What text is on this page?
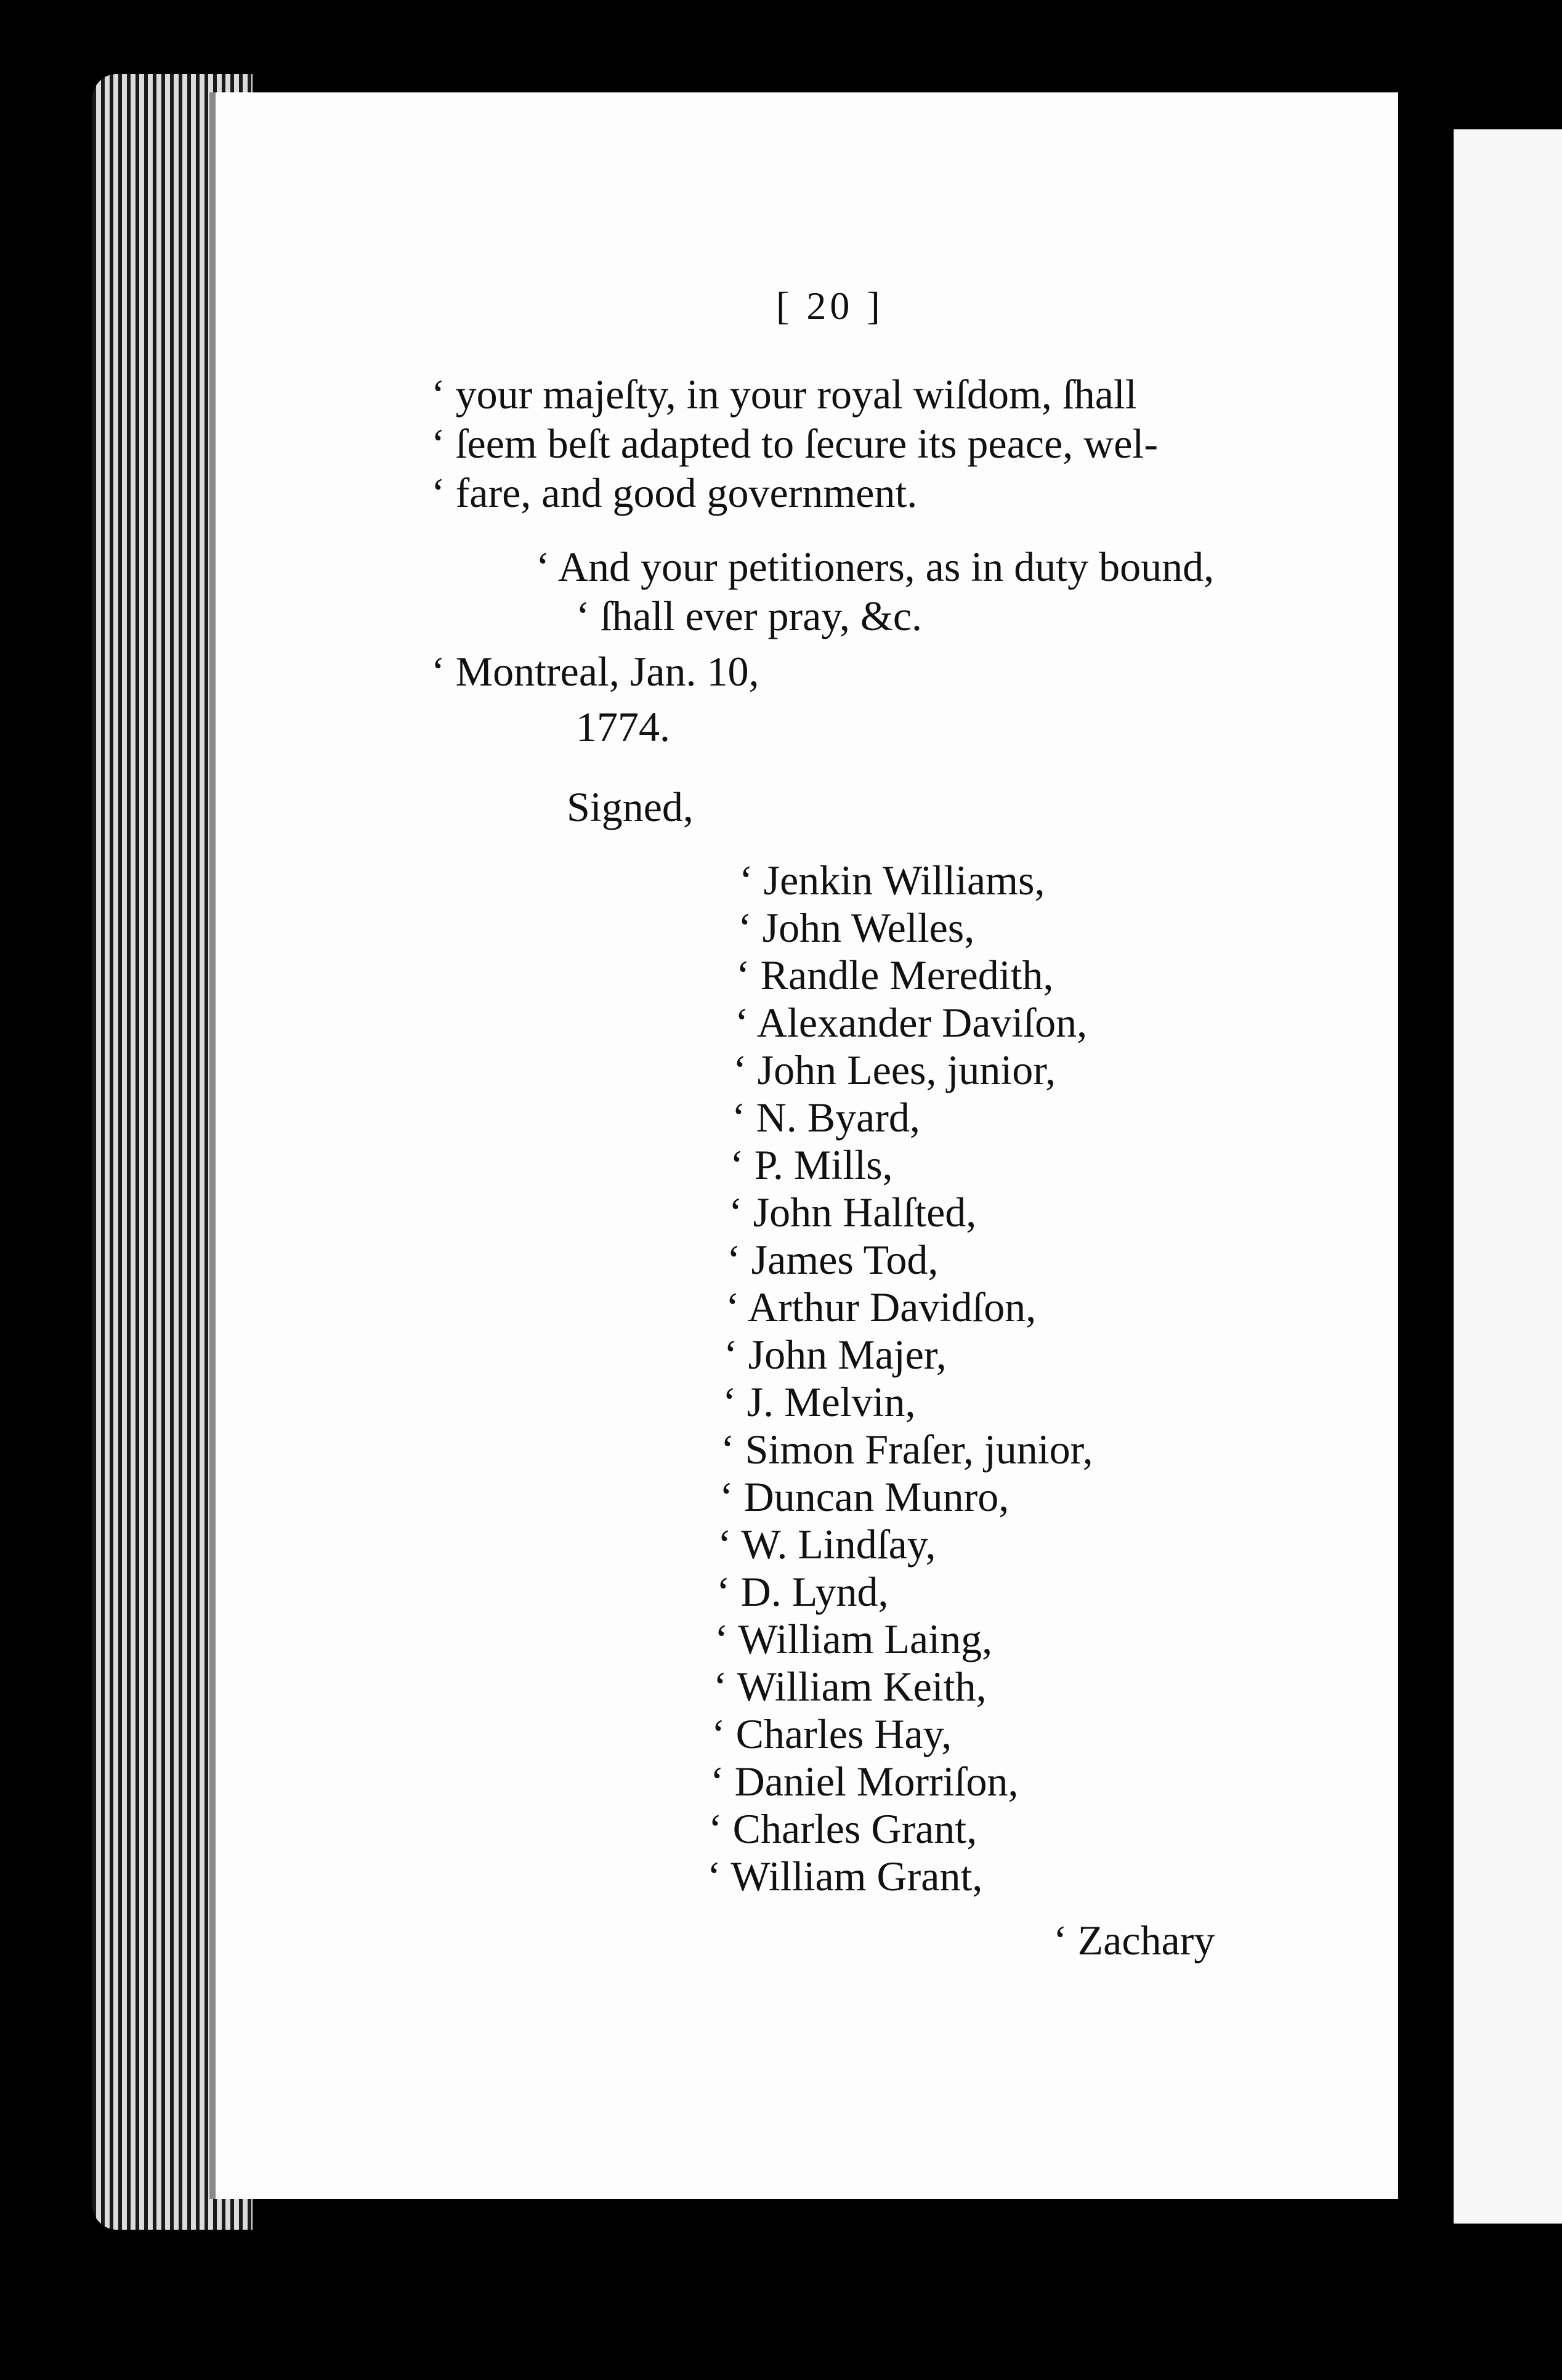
[ 20 ]
‘ your majeſty, in your royal wiſdom, ſhall
‘ ſeem beſt adapted to ſecure its peace, wel-
‘ fare, and good government.
‘ And your petitioners, as in duty bound,
‘ ſhall ever pray, &c.
‘ Montreal, Jan. 10,
1774.
Signed,
‘ Jenkin Williams,
‘ John Welles,
‘ Randle Meredith,
‘ Alexander Daviſon,
‘ John Lees, junior,
‘ N. Byard,
‘ P. Mills,
‘ John Halſted,
‘ James Tod,
‘ Arthur Davidſon,
‘ John Majer,
‘ J. Melvin,
‘ Simon Fraſer, junior,
‘ Duncan Munro,
‘ W. Lindſay,
‘ D. Lynd,
‘ William Laing,
‘ William Keith,
‘ Charles Hay,
‘ Daniel Morriſon,
‘ Charles Grant,
‘ William Grant,
‘ Zachary
